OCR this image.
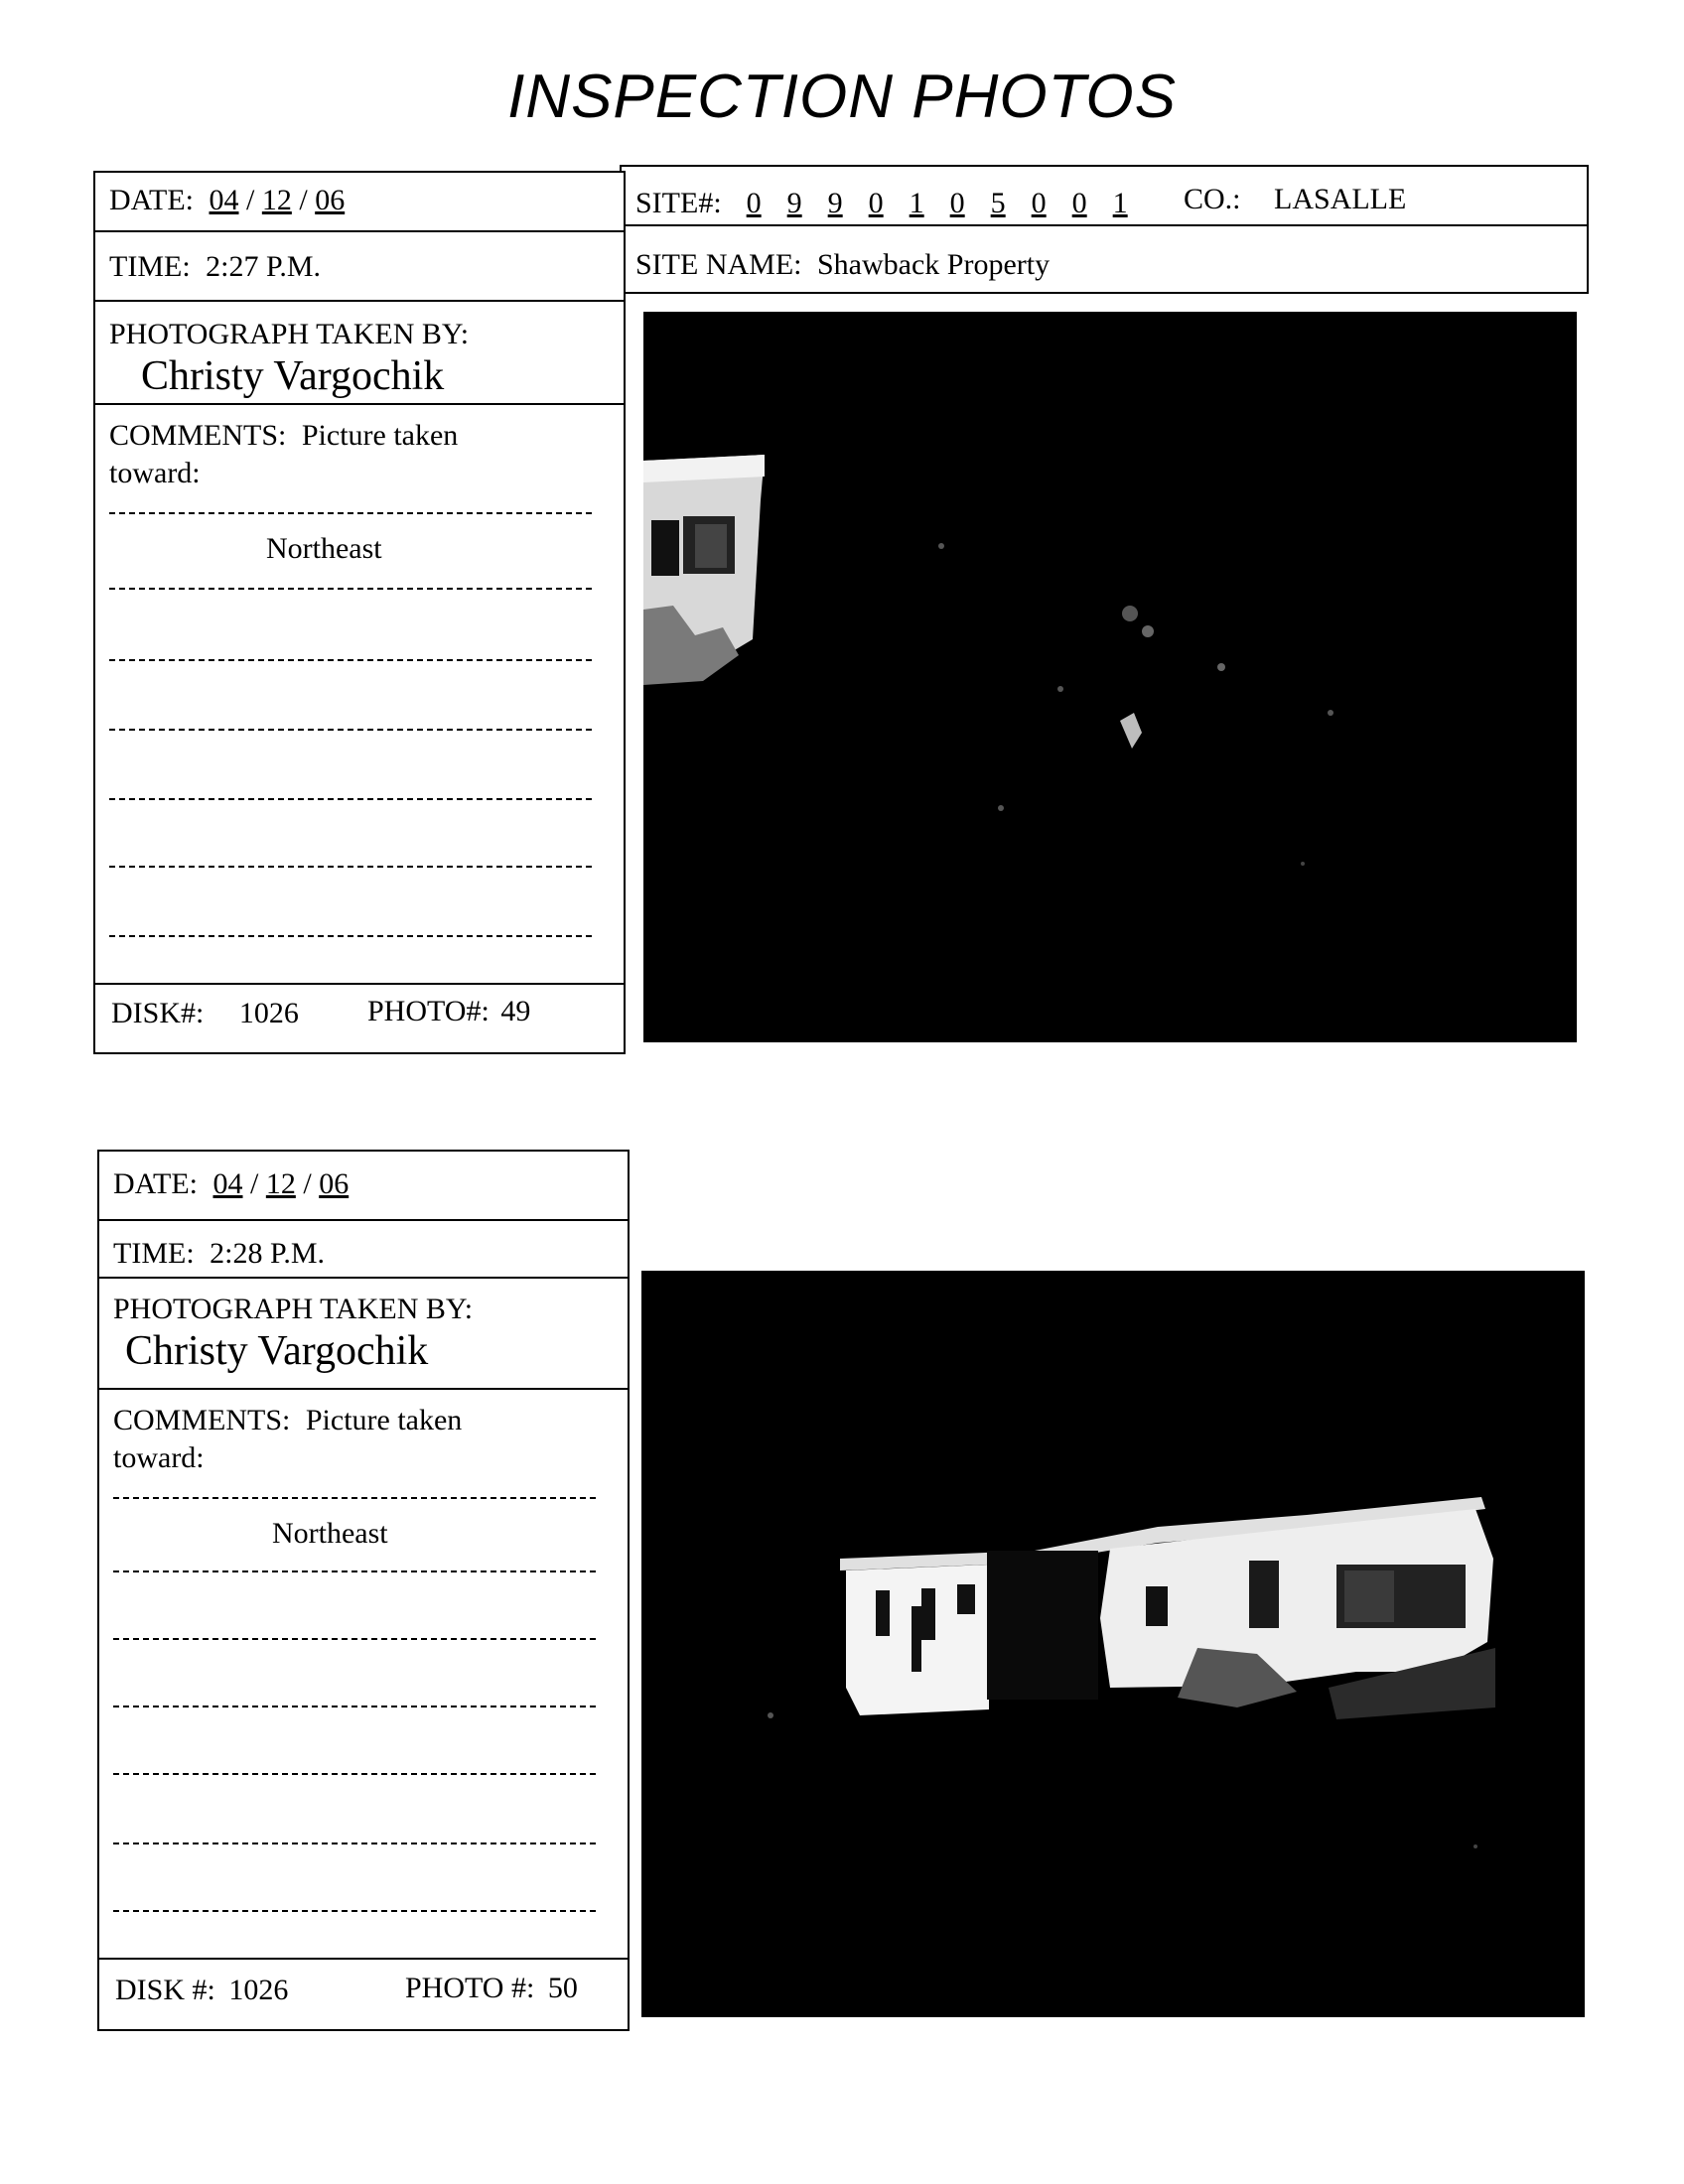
INSPECTION PHOTOS
SITE#: 0 9 9 0 1 0 5 0 0 1	CO.: LASALLE
SITE NAME: Shawback Property
DATE: 04 / 12 / 06
TIME: 2:27 P.M.
PHOTOGRAPH TAKEN BY:
Christy Vargochik
COMMENTS: Picture taken
toward:
Northeast
DISK#: 1026 PHOTO#: 49
DATE: 04 / 12 / 06
TIME: 2:28 P.M.
PHOTOGRAPH TAKEN BY:
Christy Vargochik
COMMENTS: Picture taken
toward:
Northeast
DISK #: 1026	PHOTO #: 50
